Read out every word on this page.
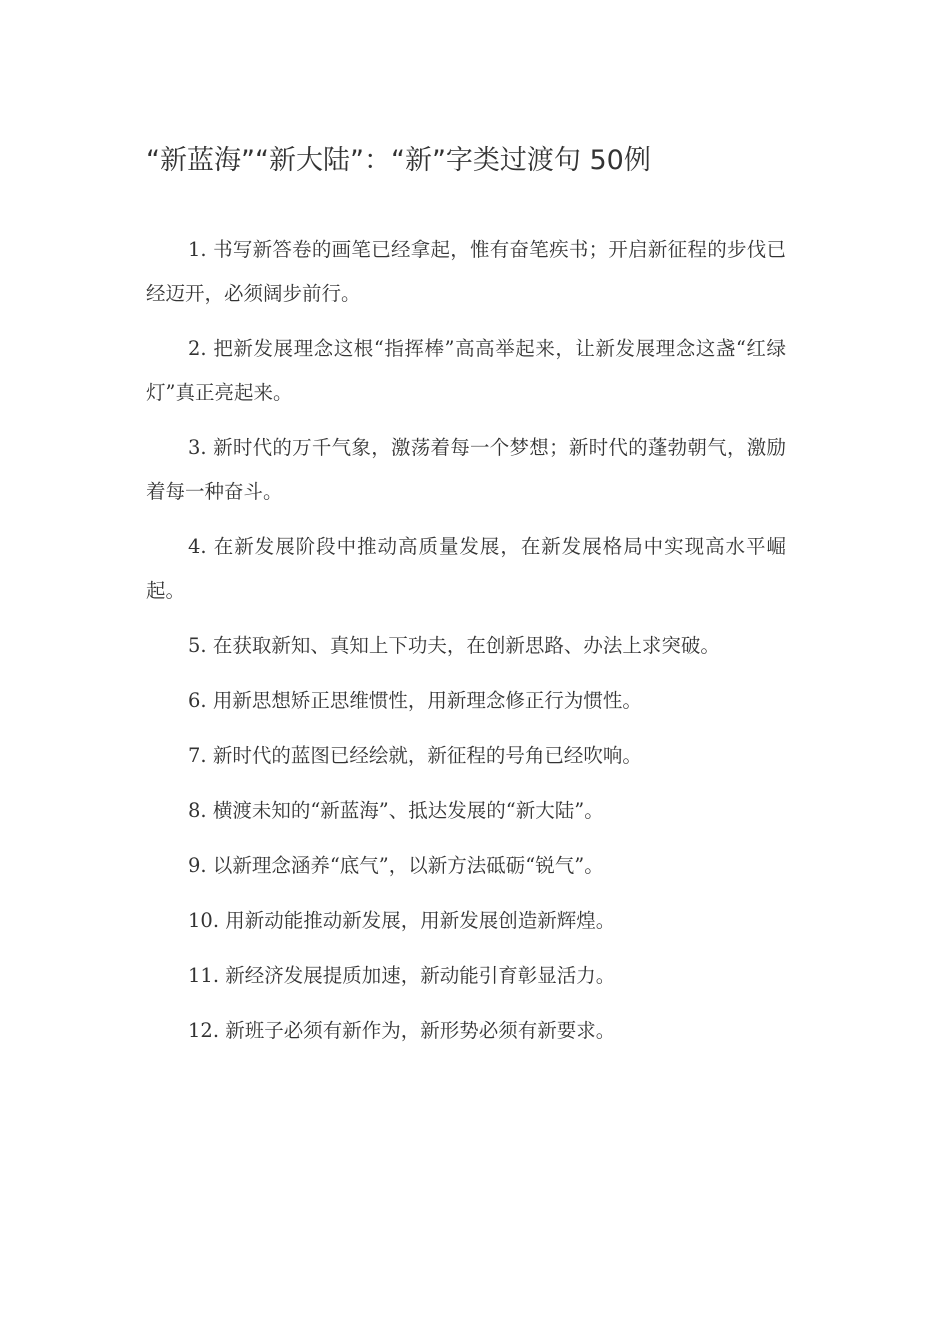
“新蓝海”“新大陆”：“新”字类过渡句 50例

1. 书写新答卷的画笔已经拿起，惟有奋笔疾书；开启新征程的步伐已经迈开，必须阔步前行。

2. 把新发展理念这根“指挥棒”高高举起来，让新发展理念这盏“红绿灯”真正亮起来。

3. 新时代的万千气象，激荡着每一个梦想；新时代的蓬勃朝气，激励着每一种奋斗。

4. 在新发展阶段中推动高质量发展，在新发展格局中实现高水平崛起。

5. 在获取新知、真知上下功夫，在创新思路、办法上求突破。

6. 用新思想矫正思维惯性，用新理念修正行为惯性。

7. 新时代的蓝图已经绘就，新征程的号角已经吹响。

8. 横渡未知的“新蓝海”、抵达发展的“新大陆”。

9. 以新理念涵养“底气”，以新方法砥砺“锐气”。

10. 用新动能推动新发展，用新发展创造新辉煌。

11. 新经济发展提质加速，新动能引育彰显活力。

12. 新班子必须有新作为，新形势必须有新要求。
